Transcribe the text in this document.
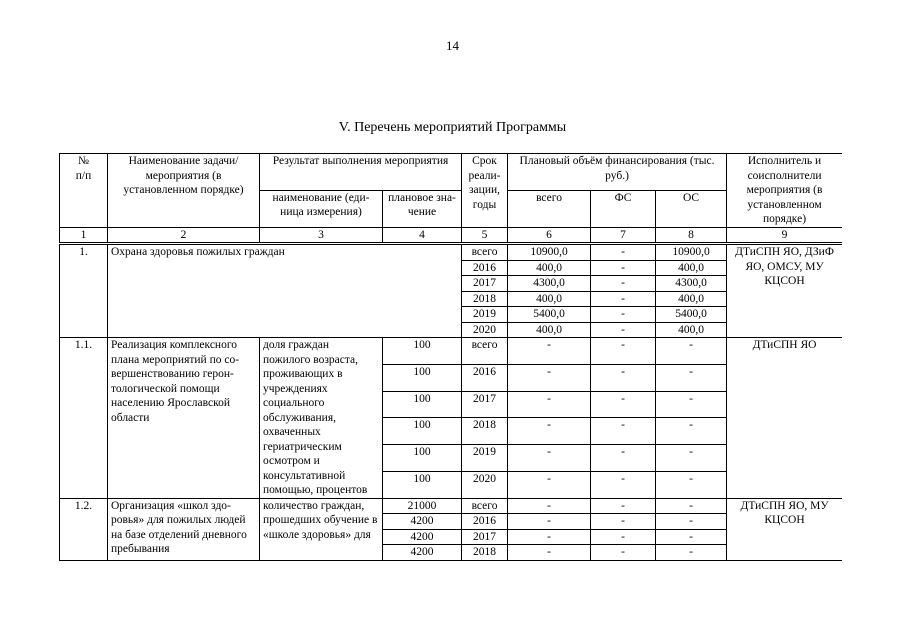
14
V. Перечень мероприятий Программы
№
п/п	Наименование задачи/мероприятия (в установленном порядке)	Результат выполнения мероприятия		Срок реали-зации, годы	Плановый объём финансирования (тыс. руб.)			Исполнитель и соисполнители мероприятия (в установленном порядке)
		наименование (еди-ница измерения)	плановое зна-чение		всего	ФС	ОС	
1	2	3	4	5	6	7	8	9
1.	Охрана здоровья пожилых граждан			всего	10900,0	-	10900,0	ДТиСПН ЯО, ДЗиФ ЯО, ОМСУ, МУ КЦСОН
				2016	400,0	-	400,0	
				2017	4300,0	-	4300,0	
				2018	400,0	-	400,0	
				2019	5400,0	-	5400,0	
				2020	400,0	-	400,0	
1.1.	Реализация комплексного плана мероприятий по со-вершенствованию герон-тологической помощи населению Ярославской области	доля граждан пожилого возраста, проживающих в учреждениях социального обслуживания, охваченных гериатрическим осмотром и консультативной помощью, процентов	100	всего	-	-	-	ДТиСПН ЯО
			100	2016	-	-	-	
			100	2017	-	-	-	
			100	2018	-	-	-	
			100	2019	-	-	-	
			100	2020	-	-	-	
1.2.	Организация «школ здо-ровья» для пожилых людей на базе отделений дневного пребывания	количество граждан, прошедших обучение в «школе здоровья» для	21000	всего	-	-	-	ДТиСПН ЯО, МУ КЦСОН
			4200	2016	-	-	-	
			4200	2017	-	-	-	
			4200	2018	-	-	-	
